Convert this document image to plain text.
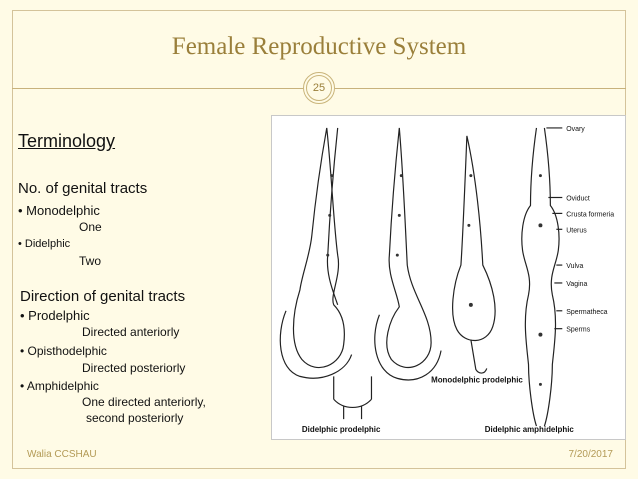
Female Reproductive System
25
Terminology
No. of genital tracts
• Monodelphic
One
• Didelphic
Two
Direction of genital tracts
• Prodelphic
Directed anteriorly
• Opisthodelphic
Directed posteriorly
• Amphidelphic
One directed anteriorly,
second posteriorly
Ovary
Oviduct
Crusta formeria
Uterus
Vulva
Vagina
Spermatheca
Sperms
Didelphic prodelphic
Monodelphic prodelphic
Didelphic amphidelphic
Walia CCSHAU	7/20/2017
